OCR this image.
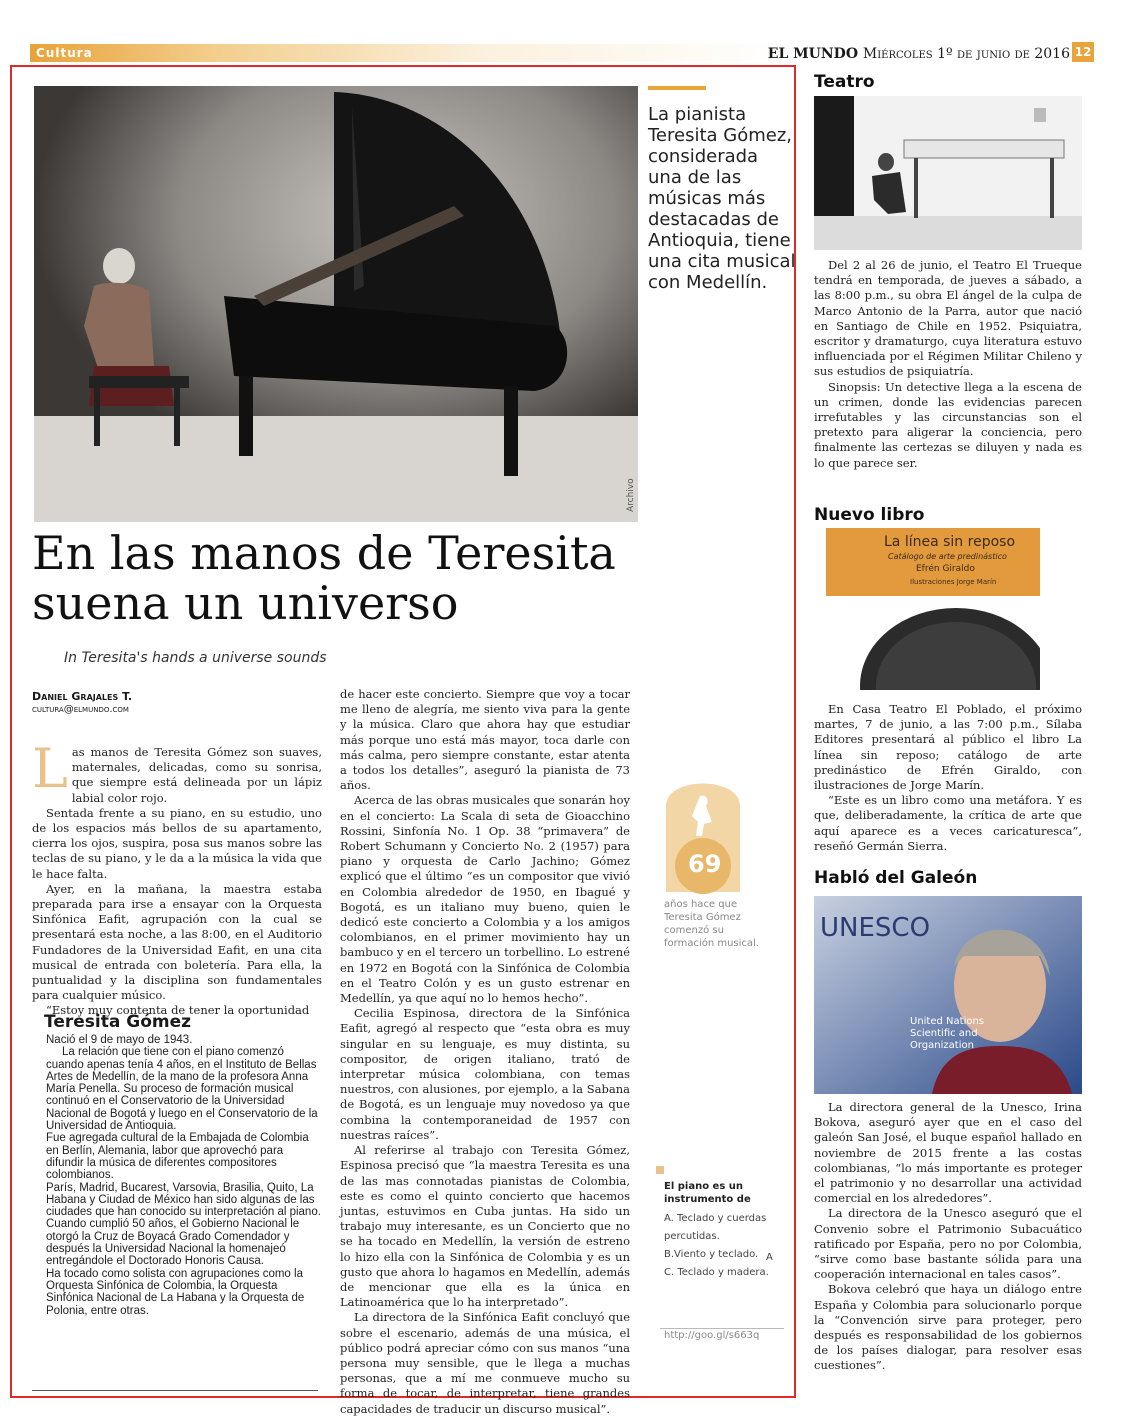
Cultura	EL MUNDO Miércoles 1º de junio de 2016 12
Archivo
La pianista Teresita Gómez, considerada una de las músicas más destacadas de Antioquia, tiene una cita musical con Medellín.
En las manos de Teresita
suena un universo
In Teresita's hands a universe sounds
Daniel Grajales T.
cultura@elmundo.com
L as manos de Teresita Gómez son suaves, maternales, delicadas, como su sonrisa, que siempre está delineada por un lápiz labial color rojo.

Sentada frente a su piano, en su estudio, uno de los espacios más bellos de su apartamento, cierra los ojos, suspira, posa sus manos sobre las teclas de su piano, y le da a la música la vida que le hace falta.

Ayer, en la mañana, la maestra estaba preparada para irse a ensayar con la Orquesta Sinfónica Eafit, agrupación con la cual se presentará esta noche, a las 8:00, en el Auditorio Fundadores de la Universidad Eafit, en una cita musical de entrada con boletería. Para ella, la puntualidad y la disciplina son fundamentales para cualquier músico.

“Estoy muy contenta de tener la oportunidad

Teresita Gómez

Nació el 9 de mayo de 1943.

La relación que tiene con el piano comenzó cuando apenas tenía 4 años, en el Instituto de Bellas Artes de Medellín, de la mano de la profesora Anna María Penella. Su proceso de formación musical continuó en el Conservatorio de la Universidad Nacional de Bogotá y luego en el Conservatorio de la Universidad de Antioquia.

Fue agregada cultural de la Embajada de Colombia en Berlín, Alemania, labor que aprovechó para difundir la música de diferentes compositores colombianos.

París, Madrid, Bucarest, Varsovia, Brasilia, Quito, La Habana y Ciudad de México han sido algunas de las ciudades que han conocido su interpretación al piano.

Cuando cumplió 50 años, el Gobierno Nacional le otorgó la Cruz de Boyacá Grado Comendador y después la Universidad Nacional la homenajeó entregándole el Doctorado Honoris Causa.

Ha tocado como solista con agrupaciones como la Orquesta Sinfónica de Colombia, la Orquesta Sinfónica Nacional de La Habana y la Orquesta de Polonia, entre otras.

de hacer este concierto. Siempre que voy a tocar me lleno de alegría, me siento viva para la gente y la música. Claro que ahora hay que estudiar más porque uno está más mayor, toca darle con más calma, pero siempre constante, estar atenta a todos los detalles”, aseguró la pianista de 73 años.

Acerca de las obras musicales que sonarán hoy en el concierto: La Scala di seta de Gioacchino Rossini, Sinfonía No. 1 Op. 38 “primavera” de Robert Schumann y Concierto No. 2 (1957) para piano y orquesta de Carlo Jachino; Gómez explicó que el último “es un compositor que vivió en Colombia alrededor de 1950, en Ibagué y Bogotá, es un italiano muy bueno, quien le dedicó este concierto a Colombia y a los amigos colombianos, en el primer movimiento hay un bambuco y en el tercero un torbellino. Lo estrené en 1972 en Bogotá con la Sinfónica de Colombia en el Teatro Colón y es un gusto estrenar en Medellín, ya que aquí no lo hemos hecho”.

Cecilia Espinosa, directora de la Sinfónica Eafit, agregó al respecto que “esta obra es muy singular en su lenguaje, es muy distinta, su compositor, de origen italiano, trató de interpretar música colombiana, con temas nuestros, con alusiones, por ejemplo, a la Sabana de Bogotá, es un lenguaje muy novedoso ya que combina la contemporaneidad de 1957 con nuestras raíces”.

Al referirse al trabajo con Teresita Gómez, Espinosa precisó que “la maestra Teresita es una de las mas connotadas pianistas de Colombia, este es como el quinto concierto que hacemos juntas, estuvimos en Cuba juntas. Ha sido un trabajo muy interesante, es un Concierto que no se ha tocado en Medellín, la versión de estreno lo hizo ella con la Sinfónica de Colombia y es un gusto que ahora lo hagamos en Medellín, además de mencionar que ella es la única en Latinoamérica que lo ha interpretado”.

La directora de la Sinfónica Eafit concluyó que sobre el escenario, además de una música, el público podrá apreciar cómo con sus manos “una persona muy sensible, que le llega a muchas personas, que a mí me conmueve mucho su forma de tocar, de interpretar, tiene grandes capacidades de traducir un discurso musical”.

69
años hace que Teresita Gómez comenzó su formación musical.
El piano es un instrumento de
A. Teclado y cuerdas percutidas.
B.Viento y teclado.
C. Teclado y madera.
A
http://goo.gl/s663q
Teatro

Del 2 al 26 de junio, el Teatro El Trueque tendrá en temporada, de jueves a sábado, a las 8:00 p.m., su obra El ángel de la culpa de Marco Antonio de la Parra, autor que nació en Santiago de Chile en 1952. Psiquiatra, escritor y dramaturgo, cuya literatura estuvo influenciada por el Régimen Militar Chileno y sus estudios de psiquiatría.

Sinopsis: Un detective llega a la escena de un crimen, donde las evidencias parecen irrefutables y las circunstancias son el pretexto para aligerar la conciencia, pero finalmente las certezas se diluyen y nada es lo que parece ser.

Nuevo libro
La línea sin reposo
Catálogo de arte predinástico
Efrén Giraldo
Ilustraciones Jorge Marín

En Casa Teatro El Poblado, el próximo martes, 7 de junio, a las 7:00 p.m., Sílaba Editores presentará al público el libro La línea sin reposo; catálogo de arte predinástico de Efrén Giraldo, con ilustraciones de Jorge Marín.

“Este es un libro como una metáfora. Y es que, deliberadamente, la crítica de arte que aquí aparece es a veces caricaturesca”, reseñó Germán Sierra.

Habló del Galeón
UNESCO
United Nations Scientific and Organization

La directora general de la Unesco, Irina Bokova, aseguró ayer que en el caso del galeón San José, el buque español hallado en noviembre de 2015 frente a las costas colombianas, “lo más importante es proteger el patrimonio y no desarrollar una actividad comercial en los alrededores”.

La directora de la Unesco aseguró que el Convenio sobre el Patrimonio Subacuático ratificado por España, pero no por Colombia, “sirve como base bastante sólida para una cooperación internacional en tales casos”.

Bokova celebró que haya un diálogo entre España y Colombia para solucionarlo porque la “Convención sirve para proteger, pero después es responsabilidad de los gobiernos de los países dialogar, para resolver esas cuestiones”.
